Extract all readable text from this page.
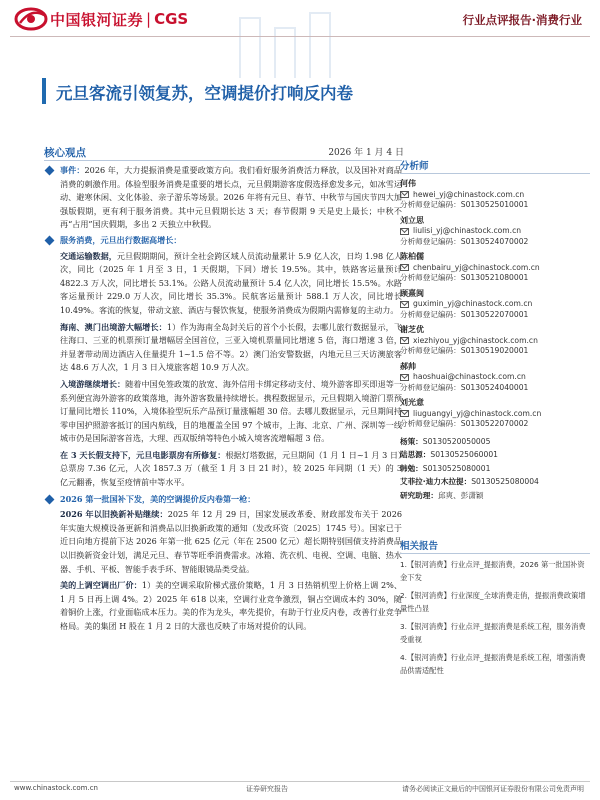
中国银河证券 | CGS	行业点评报告·消费行业
元旦客流引领复苏，空调提价打响反内卷
核心观点	2026 年 1 月 4 日
事件：2026 年，大力提振消费是重要政策方向。我们看好服务消费活力释放，以及国补对商品消费的刺激作用。体验型服务消费是重要的增长点，元旦假期游客度假选择愈发多元，如冰雪运动、避寒休闲、文化体验、亲子游乐等场景。2026 年将有元旦、春节、中秋节与国庆节四大加强版假期，更有利于服务消费。其中元旦假期长达 3 天；春节假期 9 天是史上最长；中秋不再“占用”国庆假期，多出 2 天独立中秋假。
服务消费，元旦出行数据高增长：
交通运输数据，元旦假期期间，预计全社会跨区域人员流动量累计 5.9 亿人次，日均 1.98 亿人次，同比（2025 年 1 月至 3 日，1 天假期，下同）增长 19.5%。其中，铁路客运量预计 4822.3 万人次，同比增长 53.1%。公路人员流动量预计 5.4 亿人次，同比增长 15.5%。水路客运量预计 229.0 万人次，同比增长 35.3%。民航客运量预计 588.1 万人次，同比增长 10.49%。客流的恢复，带动文旅、酒店与餐饮恢复，使服务消费成为假期内需修复的主动力。
海南、澳门出境游大幅增长：1）作为海南全岛封关后的首个小长假，去哪儿旅行数据显示，飞往海口、三亚的机票预订量增幅居全国首位，三亚入境机票量同比增速 5 倍，海口增速 3 倍，并显著带动周边酒店入住量提升 1~1.5 倍不等。2）澳门治安警数据，内地元旦三天访澳旅客达 48.6 万人次，1 月 3 日入境旅客超 10.9 万人次。
入境游继续增长：随着中国免签政策的放宽、海外信用卡绑定移动支付、境外游客即买即退等一系列便宜海外游客的政策落地，海外游客数量持续增长。携程数据显示，元旦假期入境游门票预订量同比增长 110%，入境体验型玩乐产品预订量涨幅超 30 倍。去哪儿数据显示，元旦期间持零申国护照游客抵订的国内航线，目的地覆盖全国 97 个城市，上海、北京、广州、深圳等一线城市仍是国际游客首选，大理、西双版纳等特色小城入境客流增幅超 3 倍。
在 3 天长假支持下，元旦电影票房有所修复：根据灯塔数据，元旦期间（1 月 1 日~1 月 3 日）总票房 7.36 亿元，人次 1857.3 万（截至 1 月 3 日 21 时），较 2025 年同期（1 天）的 3 亿元翻番，恢复至疫情前中等水平。
2026 第一批国补下发，美的空调提价反内卷第一枪：
2026 年以旧换新补贴继续：2025 年 12 月 29 日，国家发展改革委、财政部发布关于 2026 年实施大规模设备更新和消费品以旧换新政策的通知（发改环资〔2025〕1745 号）。国家已于近日向地方提前下达 2026 年第一批 625 亿元（年在 2500 亿元）超长期特别国债支持消费品以旧换新资金计划，满足元旦、春节等旺季消费需求。冰箱、洗衣机、电视、空调、电脑、热水器、手机、平板、智能手表手环、智能眼镜品类受益。
美的上调空调出厂价：1）美的空调采取阶梯式涨价策略，1 月 3 日热销机型上价格上调 2%、1 月 5 日再上调 4%。2）2025 年 618 以来，空调行业竞争激烈，铜占空调成本约 30%，随着铜价上涨，行业面临成本压力。美的作为龙头，率先提价，有助于行业反内卷，改善行业竞争格局。美的集团 H 股在 1 月 2 日的大涨也反映了市场对提价的认同。
分析师
何伟
hewei_yj@chinastock.com.cn
分析师登记编码：S0130525010001
刘立思
liulisi_yj@chinastock.com.cn
分析师登记编码：S0130524070002
陈柏儒
chenbairu_yj@chinastock.com.cn
分析师登记编码：S0130521080001
顾熹闽
guximin_yj@chinastock.com.cn
分析师登记编码：S0130522070001
谢芝优
xiezhiyou_yj@chinastock.com.cn
分析师登记编码：S0130519020001
郝帅
haoshuai@chinastock.com.cn
分析师登记编码：S0130524040001
刘光意
liuguangyi_yj@chinastock.com.cn
分析师登记编码：S0130522070002
杨策：S0130520050005
陆思源：S0130525060001
韩勉：S0130525080001
艾菲拉·迪力木拉提：S0130525080004
研究助理：邱爽、彭潇颖
相关报告
1.【银河消费】行业点评_提振消费，2026 第一批国补资金下发
2.【银河消费】行业深度_全球消费走俏，提振消费政策增量性凸显
3.【银河消费】行业点评_提振消费是系统工程，服务消费受重视
4.【银河消费】行业点评_提振消费是系统工程，增强消费品供需适配性
www.chinastock.com.cn	证券研究报告	请务必阅读正文最后的中国银河证券股份有限公司免责声明
